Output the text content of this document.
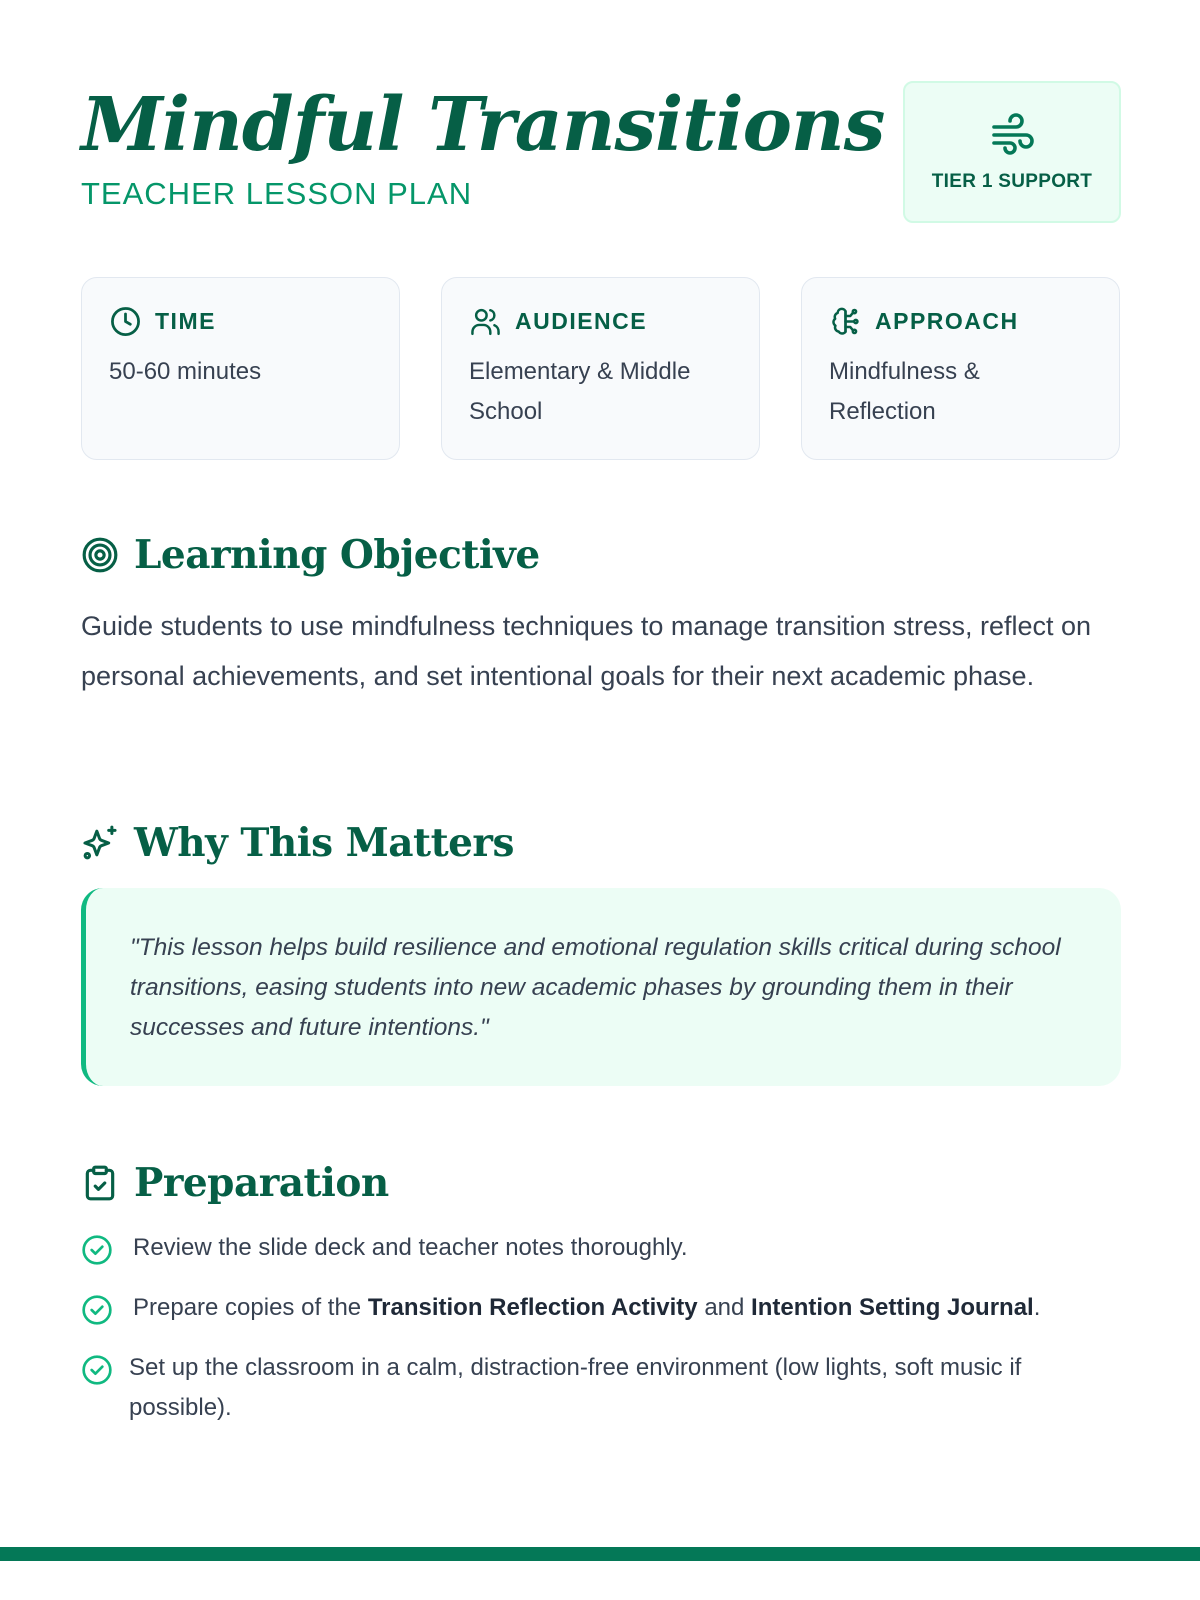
Mindful Transitions
TEACHER LESSON PLAN	TIER 1 SUPPORT
TIME
50-60 minutes
AUDIENCE
Elementary & Middle School
APPROACH
Mindfulness & Reflection
Learning Objective

Guide students to use mindfulness techniques to manage transition stress, reflect on personal achievements, and set intentional goals for their next academic phase.

Why This Matters

"This lesson helps build resilience and emotional regulation skills critical during school transitions, easing students into new academic phases by grounding them in their successes and future intentions."

Preparation
Review the slide deck and teacher notes thoroughly.
Prepare copies of the Transition Reflection Activity and Intention Setting Journal.
Set up the classroom in a calm, distraction-free environment (low lights, soft music if possible).
